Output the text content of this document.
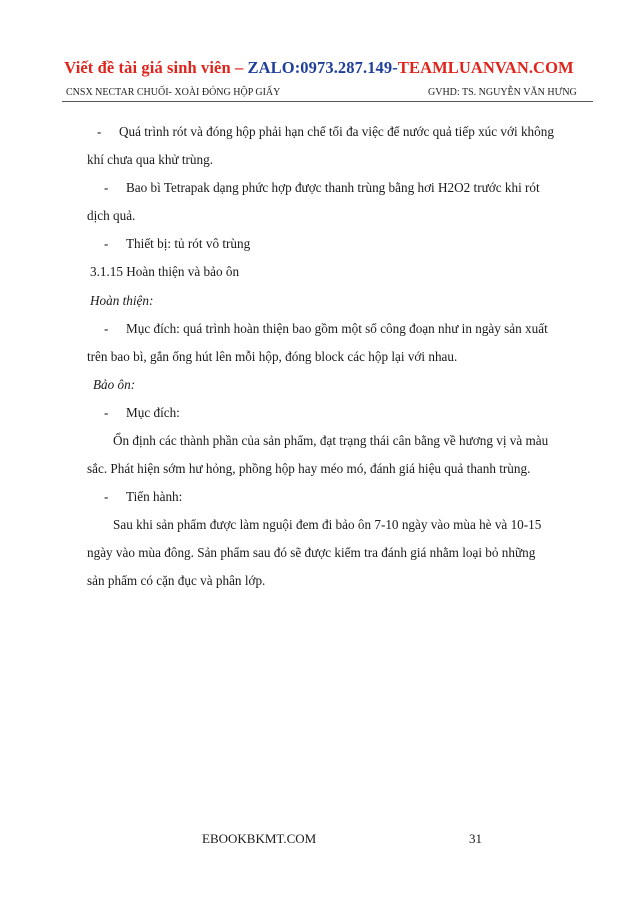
Viết đề tài giá sinh viên – ZALO:0973.287.149-TEAMLUANVAN.COM
CNSX NECTAR CHUỐI- XOÀI ĐÓNG HỘP GIẤY	GVHD: TS. NGUYỄN VĂN HƯNG
- Quá trình rót và đóng hộp phải hạn chế tối đa việc để nước quả tiếp xúc với không
khí chưa qua khử trùng.
- Bao bì Tetrapak dạng phức hợp được thanh trùng bằng hơi H2O2 trước khi rót
dịch quả.
- Thiết bị: tủ rót vô trùng
3.1.15 Hoàn thiện và bảo ôn
Hoàn thiện:
- Mục đích: quá trình hoàn thiện bao gồm một số công đoạn như in ngày sản xuất
trên bao bì, gắn ống hút lên mỗi hộp, đóng block các hộp lại với nhau.
Bảo ôn:
- Mục đích:
Ổn định các thành phần của sản phẩm, đạt trạng thái cân bằng về hương vị và màu
sắc. Phát hiện sớm hư hỏng, phồng hộp hay méo mó, đánh giá hiệu quả thanh trùng.
- Tiến hành:
Sau khi sản phẩm được làm nguội đem đi bảo ôn 7-10 ngày vào mùa hè và 10-15
ngày vào mùa đông. Sản phẩm sau đó sẽ được kiểm tra đánh giá nhằm loại bỏ những
sản phẩm có cặn đục và phân lớp.
EBOOKBKMT.COM	31
